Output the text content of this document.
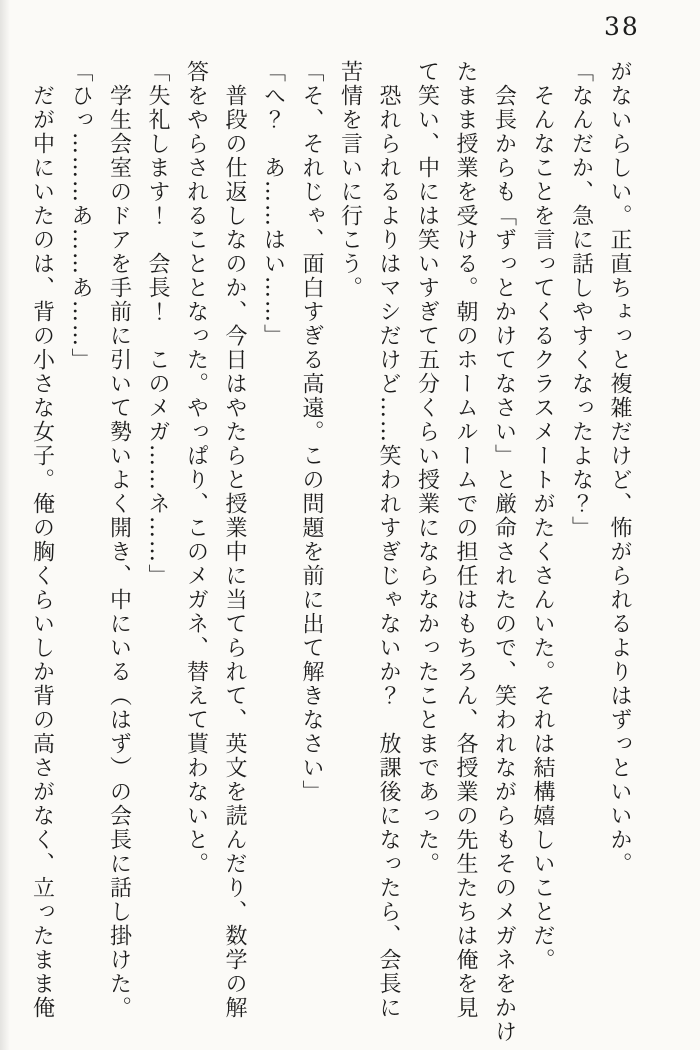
38

がないらしい。正直ちょっと複雑だけど、怖がられるよりはずっといいか。

「なんだか、急に話しやすくなったよな？」

そんなことを言ってくるクラスメートがたくさんいた。それは結構嬉しいことだ。

会長からも「ずっとかけてなさい」と厳命されたので、笑われながらもそのメガネをかけ

たまま授業を受ける。朝のホームルームでの担任はもちろん、各授業の先生たちは俺を見

て笑い、中には笑いすぎて五分くらい授業にならなかったことまであった。

恐れられるよりはマシだけど……笑われすぎじゃないか？　放課後になったら、会長に

苦情を言いに行こう。

「そ、それじゃ、面白すぎる高遠。この問題を前に出て解きなさい」

「へ？　あ……はい……」

普段の仕返しなのか、今日はやたらと授業中に当てられて、英文を読んだり、数学の解

答をやらされることとなった。やっぱり、このメガネ、替えて貰わないと。

「失礼します！　会長！　このメガ……ネ……」

学生会室のドアを手前に引いて勢いよく開き、中にいる（はず）の会長に話し掛けた。

「ひっ………あ……あ……」

だが中にいたのは、背の小さな女子。俺の胸くらいしか背の高さがなく、立ったまま俺
